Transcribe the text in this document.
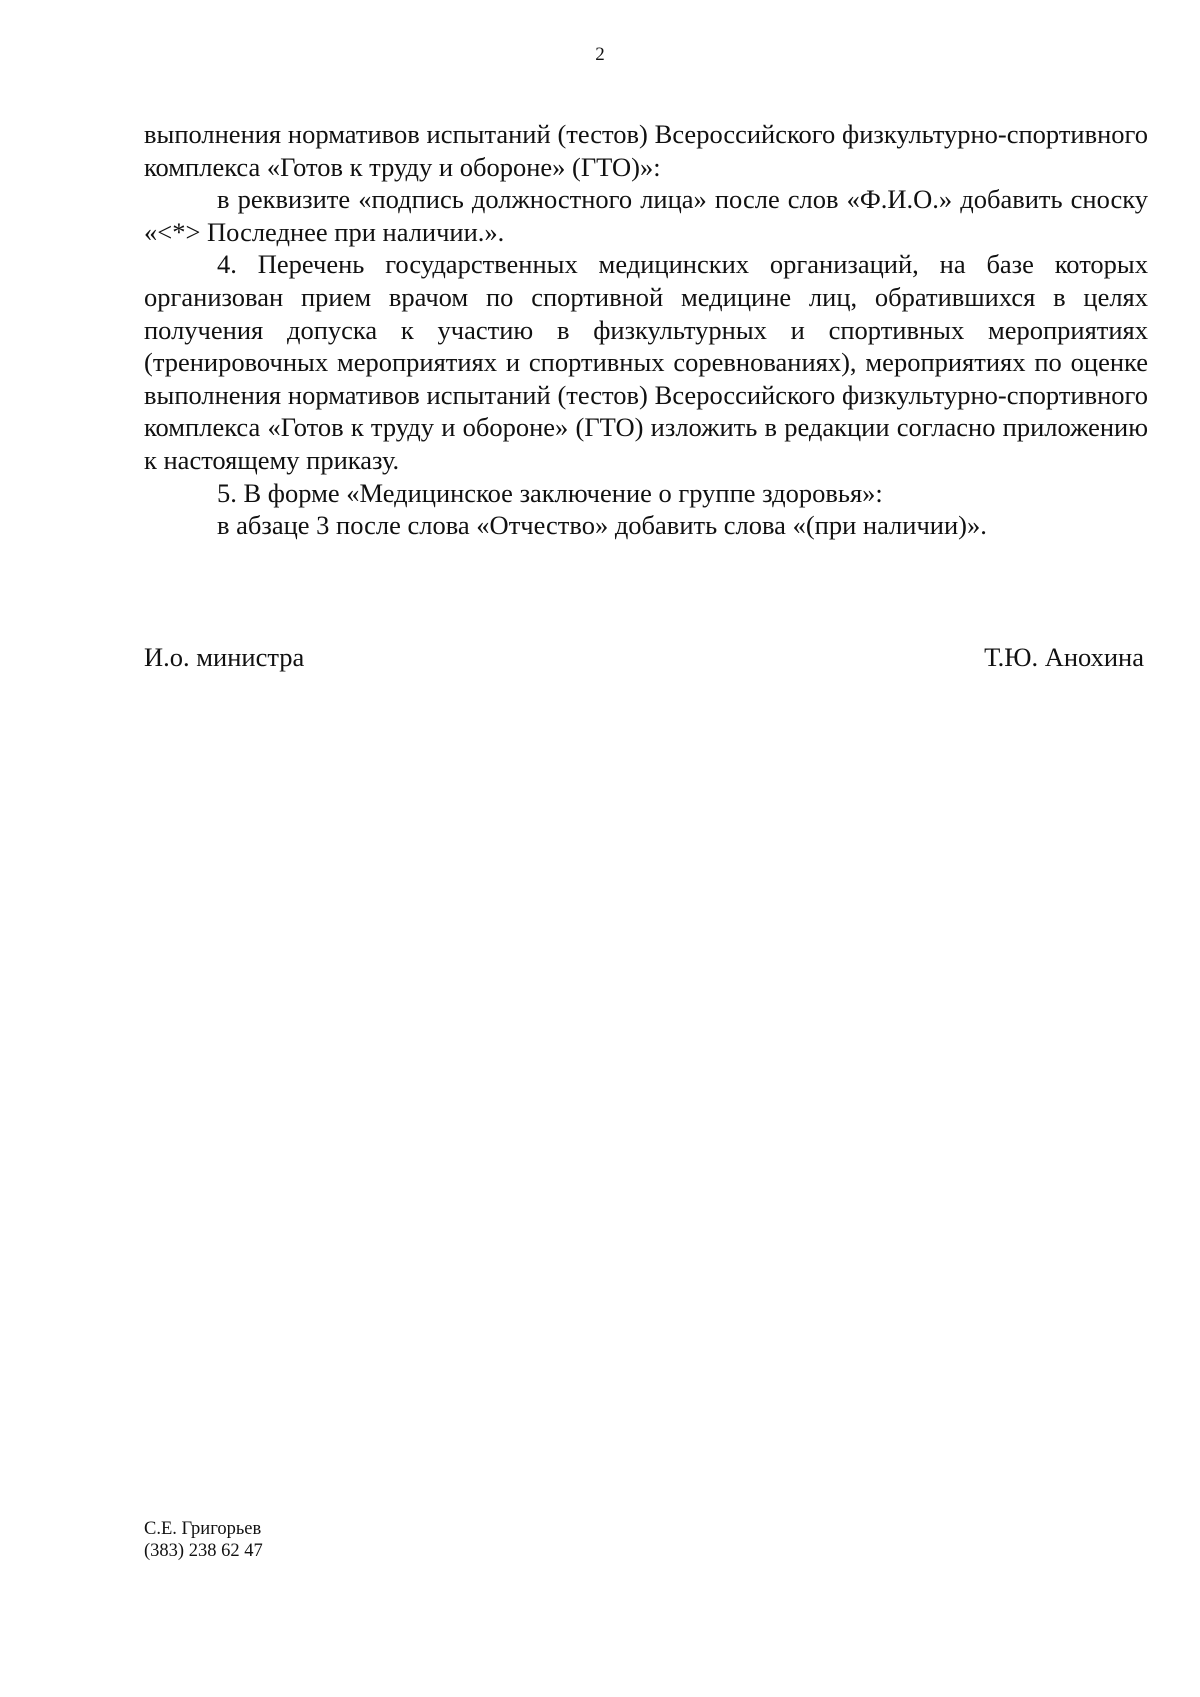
2

выполнения нормативов испытаний (тестов) Всероссийского физкультурно-спортивного комплекса «Готов к труду и обороне» (ГТО)»:

в реквизите «подпись должностного лица» после слов «Ф.И.О.» добавить сноску «<*> Последнее при наличии.».

4. Перечень государственных медицинских организаций, на базе которых организован прием врачом по спортивной медицине лиц, обратившихся в целях получения допуска к участию в физкультурных и спортивных мероприятиях (тренировочных мероприятиях и спортивных соревнованиях), мероприятиях по оценке выполнения нормативов испытаний (тестов) Всероссийского физкультурно-спортивного комплекса «Готов к труду и обороне» (ГТО) изложить в редакции согласно приложению к настоящему приказу.

5. В форме «Медицинское заключение о группе здоровья»:

в абзаце 3 после слова «Отчество» добавить слова «(при наличии)».

И.о. министра	Т.Ю. Анохина
С.Е. Григорьев
(383) 238 62 47
